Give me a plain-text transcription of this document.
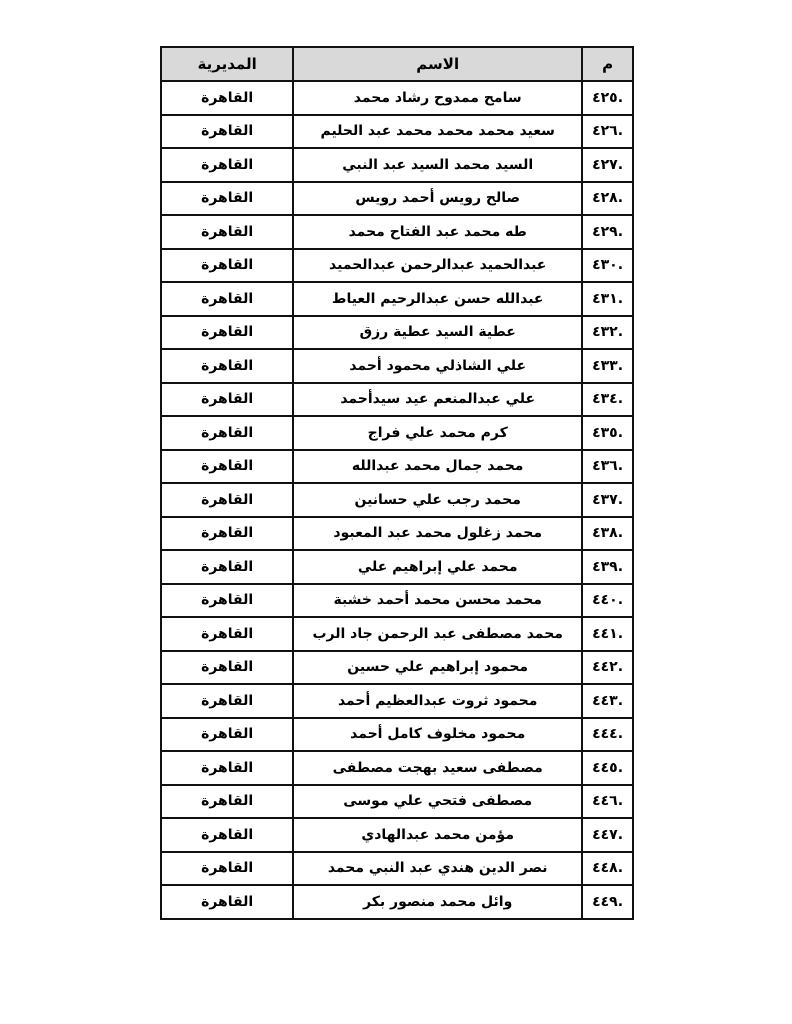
م	الاسم	المديرية
.٤٢٥	سامح ممدوح رشاد محمد	القاهرة
.٤٢٦	سعيد محمد محمد محمد عبد الحليم	القاهرة
.٤٢٧	السيد محمد السيد عبد النبي	القاهرة
.٤٢٨	صالح رويس أحمد رويس	القاهرة
.٤٢٩	طه محمد عبد الفتاح محمد	القاهرة
.٤٣٠	عبدالحميد عبدالرحمن عبدالحميد	القاهرة
.٤٣١	عبدالله حسن عبدالرحيم العياط	القاهرة
.٤٣٢	عطية السيد عطية رزق	القاهرة
.٤٣٣	علي الشاذلي محمود أحمد	القاهرة
.٤٣٤	علي عبدالمنعم عيد سيدأحمد	القاهرة
.٤٣٥	كرم محمد علي فراج	القاهرة
.٤٣٦	محمد جمال محمد عبدالله	القاهرة
.٤٣٧	محمد رجب علي حسانين	القاهرة
.٤٣٨	محمد زغلول محمد عبد المعبود	القاهرة
.٤٣٩	محمد علي إبراهيم علي	القاهرة
.٤٤٠	محمد محسن محمد أحمد خشبة	القاهرة
.٤٤١	محمد مصطفى عبد الرحمن جاد الرب	القاهرة
.٤٤٢	محمود إبراهيم علي حسين	القاهرة
.٤٤٣	محمود ثروت عبدالعظيم أحمد	القاهرة
.٤٤٤	محمود مخلوف كامل أحمد	القاهرة
.٤٤٥	مصطفى سعيد بهجت مصطفى	القاهرة
.٤٤٦	مصطفى فتحي علي موسى	القاهرة
.٤٤٧	مؤمن محمد عبدالهادي	القاهرة
.٤٤٨	نصر الدين هندي عبد النبي محمد	القاهرة
.٤٤٩	وائل محمد منصور بكر	القاهرة
